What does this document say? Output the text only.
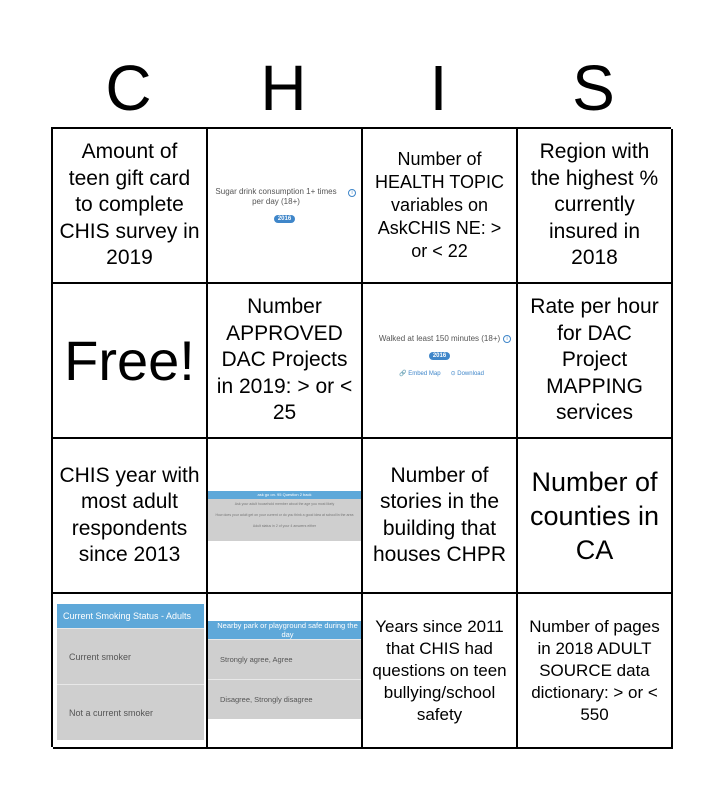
C	H	I	S
Amount of teen gift card to complete CHIS survey in 2019
Sugar drink consumption 1+ times per day (18+)
2016
i
Number of HEALTH TOPIC variables on AskCHIS NE: > or < 22
Region with the highest % currently insured in 2018
Free!
Number APPROVED DAC Projects in 2019: > or < 25
Walked at least 150 minutes (18+)
2016
i
🔗 Embed Map ⊙ Download
Rate per hour for DAC Project MAPPING services
CHIS year with most adult respondents since 2013
ask go on. 95 Question 2 back
Ask your adult household member about the age you most likely
How does your adult get on your current or do you think a good idea at school/in the area
Adult status in 2 of your 4 answers either
Number of stories in the building that houses CHPR
Number of counties in CA
Current Smoking Status - Adults
Current smoker
Not a current smoker
Nearby park or playground safe during the day
Strongly agree, Agree
Disagree, Strongly disagree
Years since 2011 that CHIS had questions on teen bullying/school safety
Number of pages in 2018 ADULT SOURCE data dictionary: > or < 550
